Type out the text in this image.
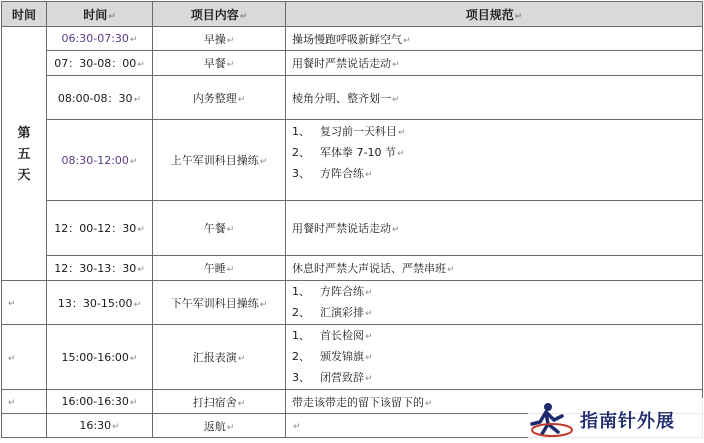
时间	时间↵	项目内容↵	项目规范↵

第
五
天	06:30-07:30↵	早操↵	操场慢跑呼吸新鲜空气↵
	07：30-08：00↵	早餐↵	用餐时严禁说话走动↵
	08:00-08：30↵	内务整理↵	棱角分明、整齐划一↵
	08:30-12:00↵	上午军训科目操练↵	1、 复习前一天科目↵
2、 军体拳 7-10 节↵
3、 方阵合练↵

	12：00-12：30↵	午餐↵	用餐时严禁说话走动↵
	12：30-13：30↵	午睡↵	休息时严禁大声说话、严禁串班↵
↵	13：30-15:00↵	下午军训科目操练↵	1、 方阵合练↵
2、 汇演彩排↵

↵	15:00-16:00↵	汇报表演↵	1、 首长检阅↵
2、 颁发锦旗↵
3、 闭营致辞↵

↵	16:00-16:30↵	打扫宿舍↵	带走该带走的留下该留下的↵
	16:30↵	返航↵	↵	指南针外展
